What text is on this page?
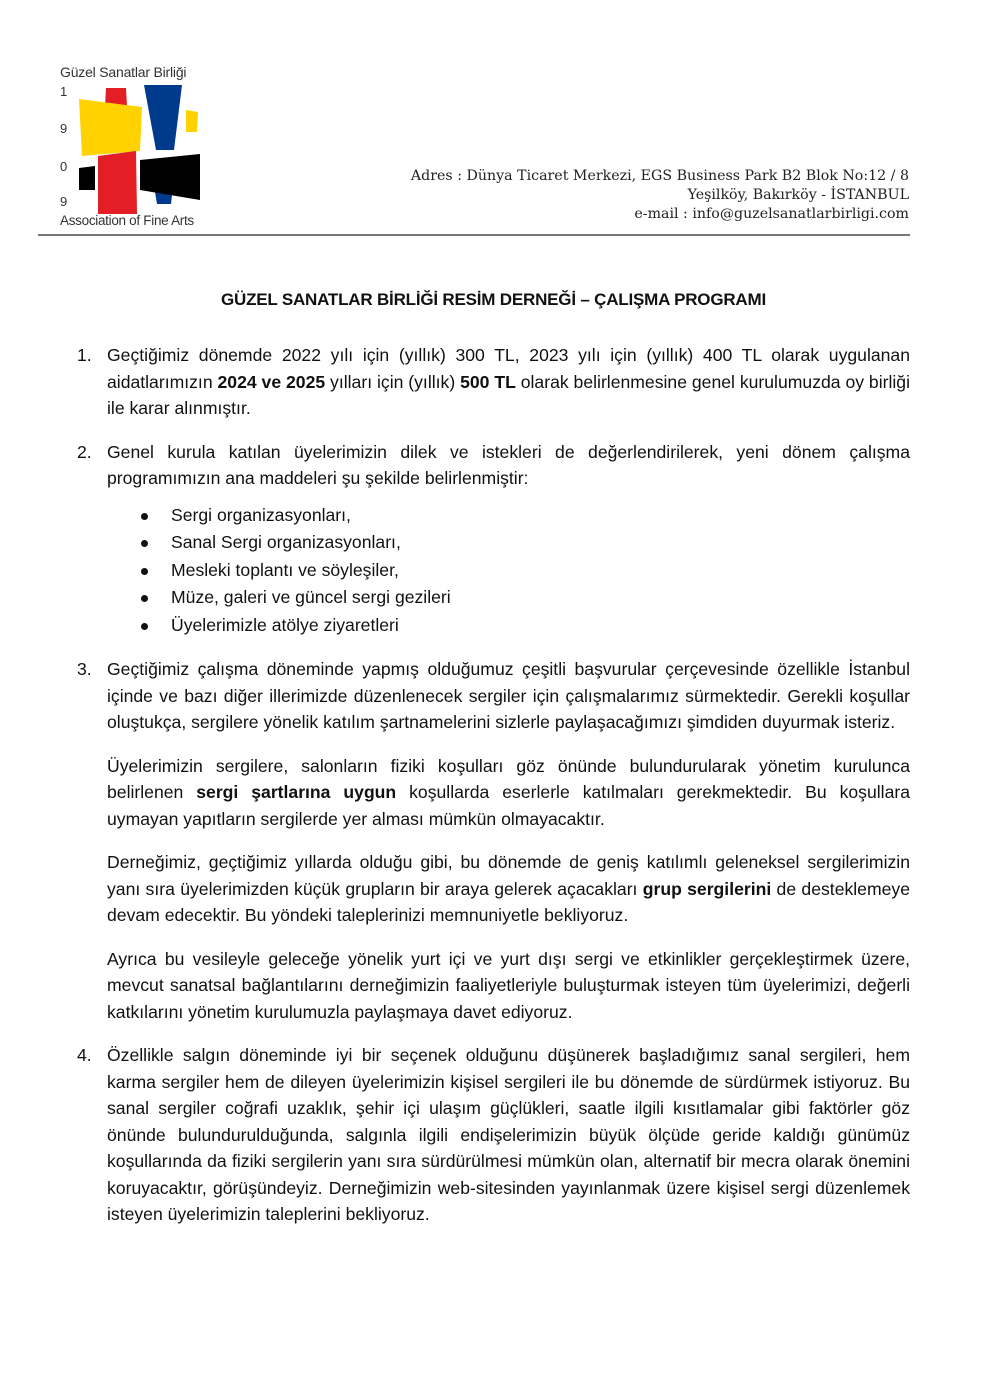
Güzel Sanatlar Birliği
1
9
0
9
Association of Fine Arts
Adres : Dünya Ticaret Merkezi, EGS Business Park B2 Blok No:12 / 8
Yeşilköy, Bakırköy - İSTANBUL
e-mail : info@guzelsanatlarbirligi.com
GÜZEL SANATLAR BİRLİĞİ RESİM DERNEĞİ – ÇALIŞMA PROGRAMI
1. Geçtiğimiz dönemde 2022 yılı için (yıllık) 300 TL, 2023 yılı için (yıllık) 400 TL olarak uygulanan aidatlarımızın 2024 ve 2025 yılları için (yıllık) 500 TL olarak belirlenmesine genel kurulumuzda oy birliği ile karar alınmıştır.

2. Genel kurula katılan üyelerimizin dilek ve istekleri de değerlendirilerek, yeni dönem çalışma programımızın ana maddeleri şu şekilde belirlenmiştir:

Sergi organizasyonları,
Sanal Sergi organizasyonları,
Mesleki toplantı ve söyleşiler,
Müze, galeri ve güncel sergi gezileri
Üyelerimizle atölye ziyaretleri
3. Geçtiğimiz çalışma döneminde yapmış olduğumuz çeşitli başvurular çerçevesinde özellikle İstanbul içinde ve bazı diğer illerimizde düzenlenecek sergiler için çalışmalarımız sürmektedir. Gerekli koşullar oluştukça, sergilere yönelik katılım şartnamelerini sizlerle paylaşacağımızı şimdiden duyurmak isteriz.

Üyelerimizin sergilere, salonların fiziki koşulları göz önünde bulundurularak yönetim kurulunca belirlenen sergi şartlarına uygun koşullarda eserlerle katılmaları gerekmektedir. Bu koşullara uymayan yapıtların sergilerde yer alması mümkün olmayacaktır.

Derneğimiz, geçtiğimiz yıllarda olduğu gibi, bu dönemde de geniş katılımlı geleneksel sergilerimizin yanı sıra üyelerimizden küçük grupların bir araya gelerek açacakları grup sergilerini de desteklemeye devam edecektir. Bu yöndeki taleplerinizi memnuniyetle bekliyoruz.

Ayrıca bu vesileyle geleceğe yönelik yurt içi ve yurt dışı sergi ve etkinlikler gerçekleştirmek üzere, mevcut sanatsal bağlantılarını derneğimizin faaliyetleriyle buluşturmak isteyen tüm üyelerimizi, değerli katkılarını yönetim kurulumuzla paylaşmaya davet ediyoruz.

4. Özellikle salgın döneminde iyi bir seçenek olduğunu düşünerek başladığımız sanal sergileri, hem karma sergiler hem de dileyen üyelerimizin kişisel sergileri ile bu dönemde de sürdürmek istiyoruz. Bu sanal sergiler coğrafi uzaklık, şehir içi ulaşım güçlükleri, saatle ilgili kısıtlamalar gibi faktörler göz önünde bulundurulduğunda, salgınla ilgili endişelerimizin büyük ölçüde geride kaldığı günümüz koşullarında da fiziki sergilerin yanı sıra sürdürülmesi mümkün olan, alternatif bir mecra olarak önemini koruyacaktır, görüşündeyiz. Derneğimizin web-sitesinden yayınlanmak üzere kişisel sergi düzenlemek isteyen üyelerimizin taleplerini bekliyoruz.
